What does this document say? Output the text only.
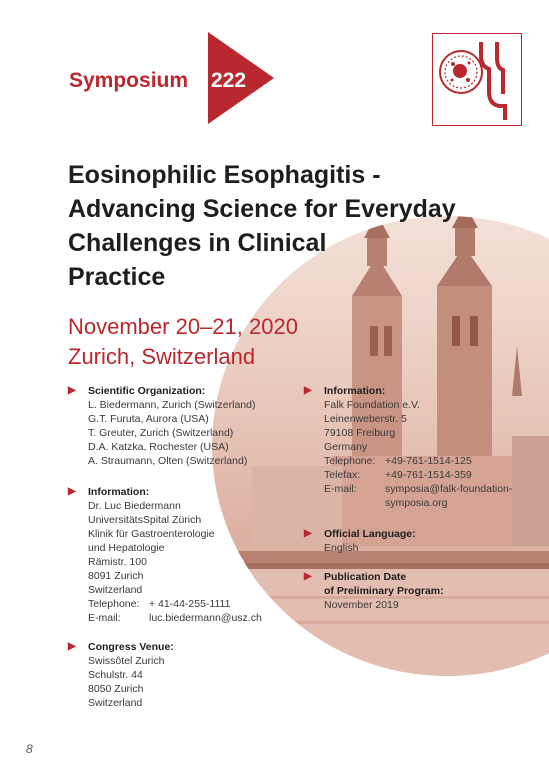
Symposium 222
Eosinophilic Esophagitis -
Advancing Science for Everyday
Challenges in Clinical
Practice
November 20–21, 2020
Zurich, Switzerland
▶ Scientific Organization:
L. Biedermann, Zurich (Switzerland)
G.T. Furuta, Aurora (USA)
T. Greuter, Zurich (Switzerland)
D.A. Katzka, Rochester (USA)
A. Straumann, Olten (Switzerland)
▶ Information:
Dr. Luc Biedermann
UniversitätsSpital Zürich
Klinik für Gastroenterologie
und Hepatologie
Rämistr. 100
8091 Zurich
Switzerland
Telephone: + 41-44-255-1111
E-mail:	luc.biedermann@usz.ch
▶ Congress Venue:
Swissôtel Zurich
Schulstr. 44
8050 Zurich
Switzerland
▶ Information:
Falk Foundation e.V.
Leinenweberstr. 5
79108 Freiburg
Germany
Telephone: +49-761-1514-125
Telefax:	+49-761-1514-359
E-mail:	symposia@falk-foundation-
symposia.org
▶ Official Language:
English
▶ Publication Date
of Preliminary Program:
November 2019
8
